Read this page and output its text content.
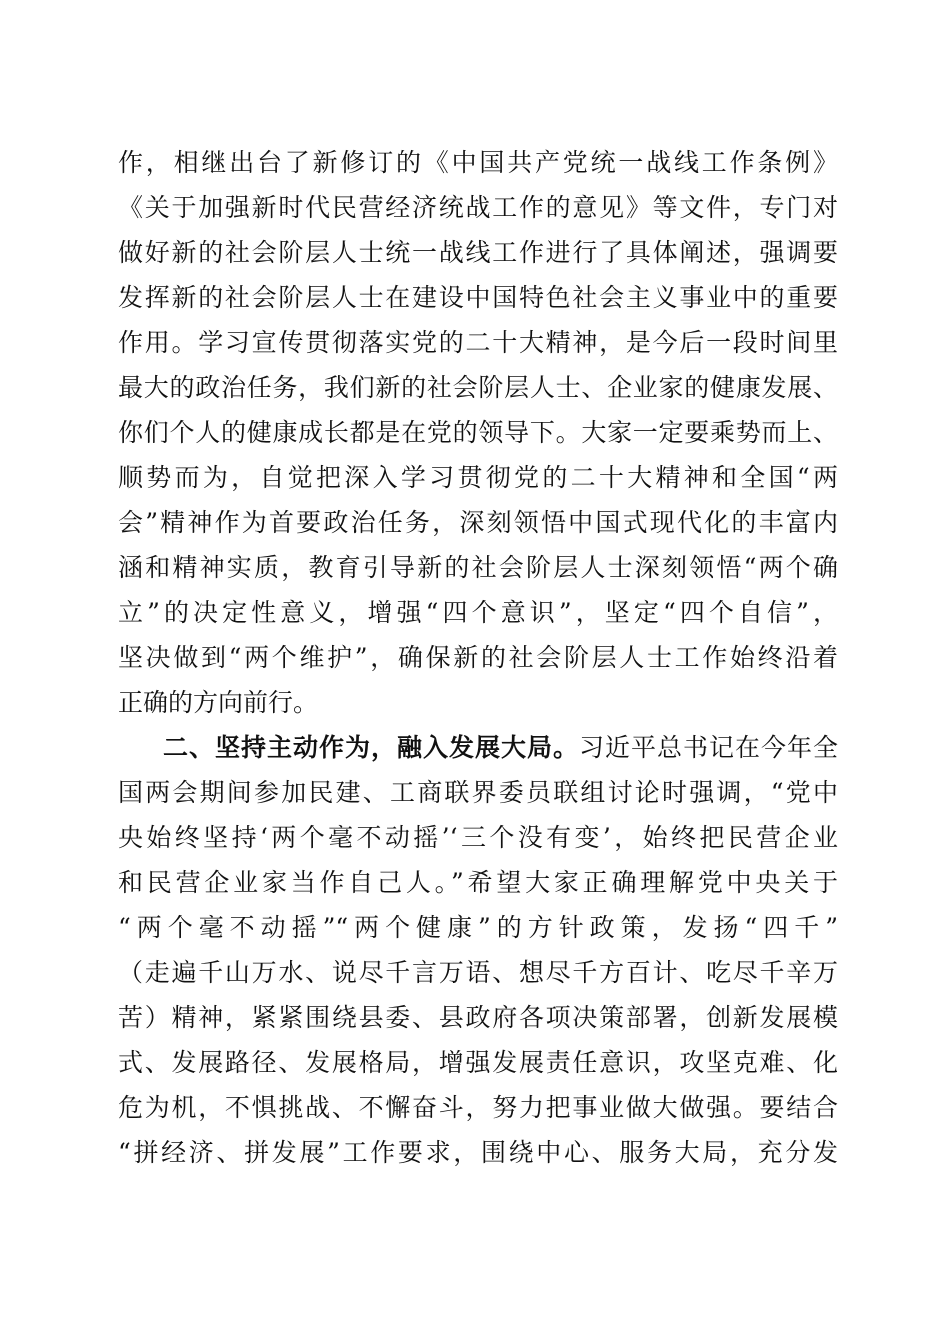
作，相继出台了新修订的《中国共产党统一战线工作条例》
《关于加强新时代民营经济统战工作的意见》等文件，专门对
做好新的社会阶层人士统一战线工作进行了具体阐述，强调要
发挥新的社会阶层人士在建设中国特色社会主义事业中的重要
作用。学习宣传贯彻落实党的二十大精神，是今后一段时间里
最大的政治任务，我们新的社会阶层人士、企业家的健康发展、
你们个人的健康成长都是在党的领导下。大家一定要乘势而上、
顺势而为，自觉把深入学习贯彻党的二十大精神和全国“两
会”精神作为首要政治任务，深刻领悟中国式现代化的丰富内
涵和精神实质，教育引导新的社会阶层人士深刻领悟“两个确
立”的决定性意义，增强“四个意识”，坚定“四个自信”，
坚决做到“两个维护”，确保新的社会阶层人士工作始终沿着
正确的方向前行。
二、坚持主动作为，融入发展大局。习近平总书记在今年全
国两会期间参加民建、工商联界委员联组讨论时强调，“党中
央始终坚持‘两个毫不动摇’‘三个没有变’，始终把民营企业
和民营企业家当作自己人。”希望大家正确理解党中央关于
“两个毫不动摇”“两个健康”的方针政策，发扬“四千”
（走遍千山万水、说尽千言万语、想尽千方百计、吃尽千辛万
苦）精神，紧紧围绕县委、县政府各项决策部署，创新发展模
式、发展路径、发展格局，增强发展责任意识，攻坚克难、化
危为机，不惧挑战、不懈奋斗，努力把事业做大做强。要结合
“拼经济、拼发展”工作要求，围绕中心、服务大局，充分发
